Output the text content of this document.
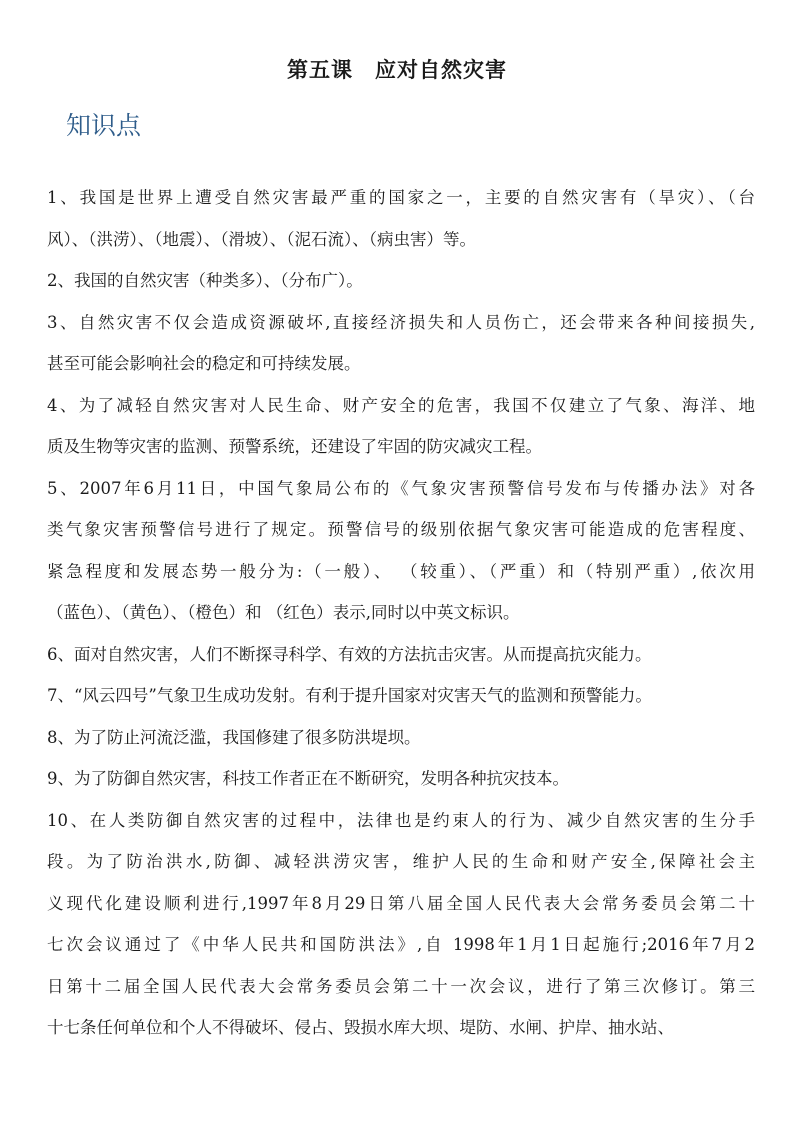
第五课　应对自然灾害
知识点
1、我国是世界上遭受自然灾害最严重的国家之一，主要的自然灾害有（旱灾）、（台
风）、（洪涝）、（地震）、（滑坡）、（泥石流）、（病虫害）等。
2、我国的自然灾害（种类多）、（分布广）。
3、自然灾害不仅会造成资源破坏,直接经济损失和人员伤亡，还会带来各种间接损失,
甚至可能会影响社会的稳定和可持续发展。
4、为了减轻自然灾害对人民生命、财产安全的危害，我国不仅建立了气象、海洋、地
质及生物等灾害的监测、预警系统，还建设了牢固的防灾减灾工程。
5、2007年6月11日，中国气象局公布的《气象灾害预警信号发布与传播办法》对各
类气象灾害预警信号进行了规定。预警信号的级别依据气象灾害可能造成的危害程度、
紧急程度和发展态势一般分为:（一般）、 （较重）、（严重）和（特别严重）,依次用
（蓝色）、（黄色）、（橙色）和 （红色）表示,同时以中英文标识。
6、面对自然灾害，人们不断探寻科学、有效的方法抗击灾害。从而提高抗灾能力。
7、“风云四号”气象卫生成功发射。有利于提升国家对灾害天气的监测和预警能力。
8、为了防止河流泛滥，我国修建了很多防洪堤坝。
9、为了防御自然灾害，科技工作者正在不断研究，发明各种抗灾技本。
10、在人类防御自然灾害的过程中，法律也是约束人的行为、减少自然灾害的生分手
段。为了防治洪水,防御、减轻洪涝灾害，维护人民的生命和财产安全,保障社会主
义现代化建设顺利进行,1997年8月29日第八届全国人民代表大会常务委员会第二十
七次会议通过了《中华人民共和国防洪法》,自 1998年1月1日起施行;2016年7月2
日第十二届全国人民代表大会常务委员会第二十一次会议，进行了第三次修订。第三
十七条任何单位和个人不得破坏、侵占、毁损水库大坝、堤防、水闸、护岸、抽水站、
